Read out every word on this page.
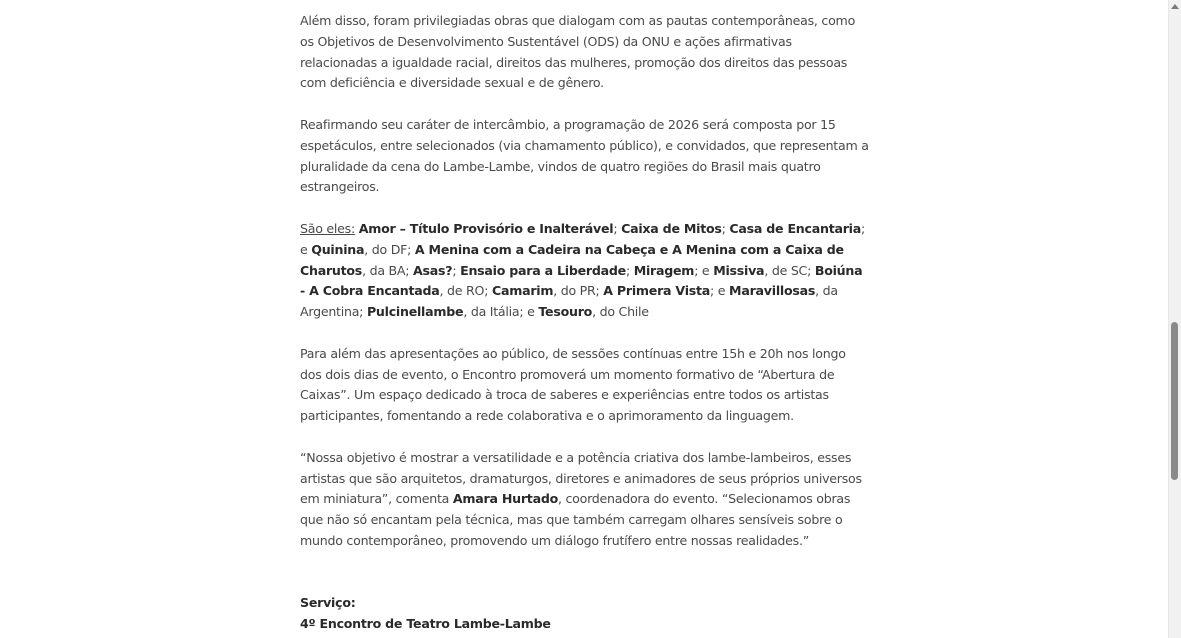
Além disso, foram privilegiadas obras que dialogam com as pautas contemporâneas, como os Objetivos de Desenvolvimento Sustentável (ODS) da ONU e ações afirmativas relacionadas a igualdade racial, direitos das mulheres, promoção dos direitos das pessoas com deficiência e diversidade sexual e de gênero.

Reafirmando seu caráter de intercâmbio, a programação de 2026 será composta por 15 espetáculos, entre selecionados (via chamamento público), e convidados, que representam a pluralidade da cena do Lambe-Lambe, vindos de quatro regiões do Brasil mais quatro estrangeiros.

São eles: Amor – Título Provisório e Inalterável; Caixa de Mitos; Casa de Encantaria; e Quinina, do DF; A Menina com a Cadeira na Cabeça e A Menina com a Caixa de Charutos, da BA; Asas?; Ensaio para a Liberdade; Miragem; e Missiva, de SC; Boiúna - A Cobra Encantada, de RO; Camarim, do PR; A Primera Vista; e Maravillosas, da Argentina; Pulcinellambe, da Itália; e Tesouro, do Chile

Para além das apresentações ao público, de sessões contínuas entre 15h e 20h nos longo dos dois dias de evento, o Encontro promoverá um momento formativo de “Abertura de Caixas”. Um espaço dedicado à troca de saberes e experiências entre todos os artistas participantes, fomentando a rede colaborativa e o aprimoramento da linguagem.

“Nossa objetivo é mostrar a versatilidade e a potência criativa dos lambe-lambeiros, esses artistas que são arquitetos, dramaturgos, diretores e animadores de seus próprios universos em miniatura”, comenta Amara Hurtado, coordenadora do evento. “Selecionamos obras que não só encantam pela técnica, mas que também carregam olhares sensíveis sobre o mundo contemporâneo, promovendo um diálogo frutífero entre nossas realidades.”

Serviço:
4º Encontro de Teatro Lambe-Lambe
